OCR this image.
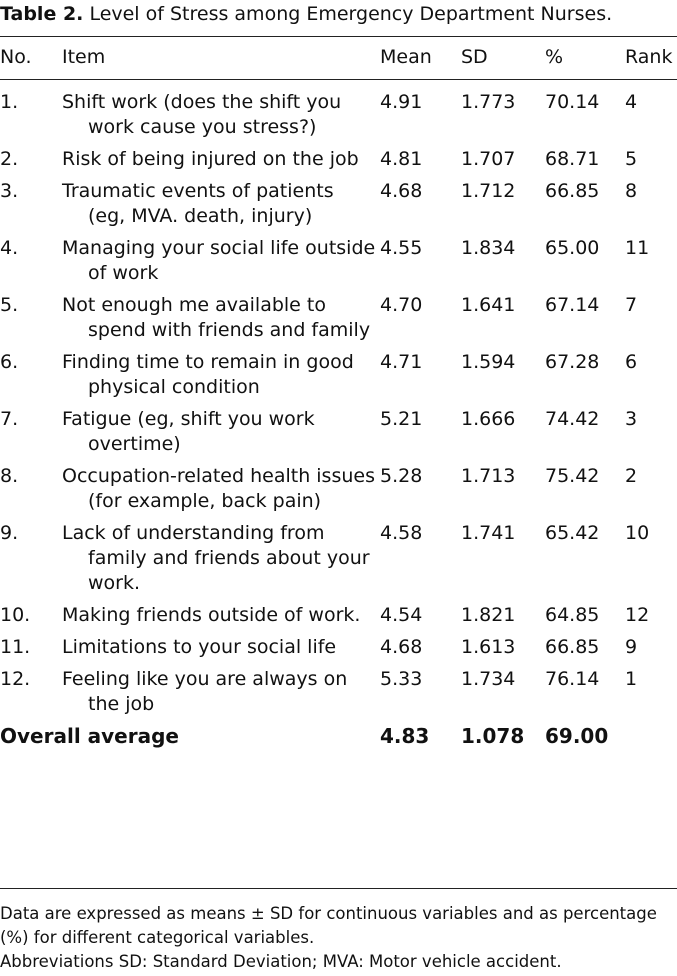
Table 2. Level of Stress among Emergency Department Nurses.
No.	Item	Mean	SD	%	Rank
1.	Shift work (does the shift you work cause you stress?)	4.91	1.773	70.14	4
2.	Risk of being injured on the job	4.81	1.707	68.71	5
3.	Traumatic events of patients (eg, MVA. death, injury)	4.68	1.712	66.85	8
4.	Managing your social life outside of work	4.55	1.834	65.00	11
5.	Not enough me available to spend with friends and family	4.70	1.641	67.14	7
6.	Finding time to remain in good physical condition	4.71	1.594	67.28	6
7.	Fatigue (eg, shift you work overtime)	5.21	1.666	74.42	3
8.	Occupation-related health issues (for example, back pain)	5.28	1.713	75.42	2
9.	Lack of understanding from family and friends about your work.	4.58	1.741	65.42	10
10.	Making friends outside of work.	4.54	1.821	64.85	12
11.	Limitations to your social life	4.68	1.613	66.85	9
12.	Feeling like you are always on the job	5.33	1.734	76.14	1
Overall average		4.83	1.078	69.00	
Data are expressed as means ± SD for continuous variables and as percentage (%) for different categorical variables.
Abbreviations SD: Standard Deviation; MVA: Motor vehicle accident.
